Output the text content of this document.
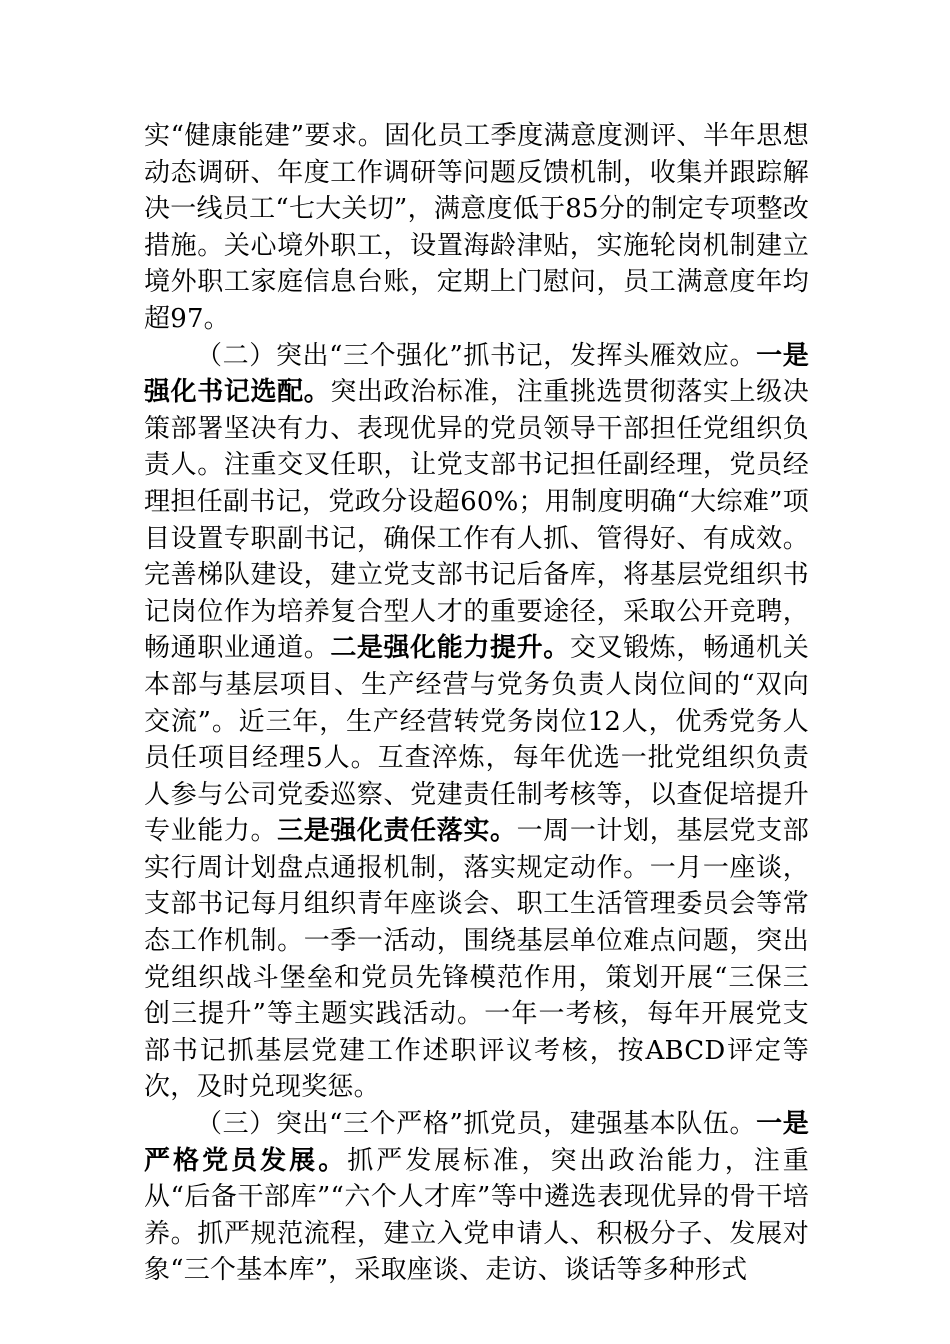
实“健康能建”要求。固化员工季度满意度测评、半年思想动态调研、年度工作调研等问题反馈机制，收集并跟踪解决一线员工“七大关切”，满意度低于85分的制定专项整改措施。关心境外职工，设置海龄津贴，实施轮岗机制建立境外职工家庭信息台账，定期上门慰问，员工满意度年均超97。

（二）突出“三个强化”抓书记，发挥头雁效应。一是强化书记选配。突出政治标准，注重挑选贯彻落实上级决策部署坚决有力、表现优异的党员领导干部担任党组织负责人。注重交叉任职，让党支部书记担任副经理，党员经理担任副书记，党政分设超60%；用制度明确“大综难”项目设置专职副书记，确保工作有人抓、管得好、有成效。完善梯队建设，建立党支部书记后备库，将基层党组织书记岗位作为培养复合型人才的重要途径，采取公开竞聘，畅通职业通道。二是强化能力提升。交叉锻炼，畅通机关本部与基层项目、生产经营与党务负责人岗位间的“双向交流”。近三年，生产经营转党务岗位12人，优秀党务人员任项目经理5人。互查淬炼，每年优选一批党组织负责人参与公司党委巡察、党建责任制考核等，以查促培提升专业能力。三是强化责任落实。一周一计划，基层党支部实行周计划盘点通报机制，落实规定动作。一月一座谈，支部书记每月组织青年座谈会、职工生活管理委员会等常态工作机制。一季一活动，围绕基层单位难点问题，突出党组织战斗堡垒和党员先锋模范作用，策划开展“三保三创三提升”等主题实践活动。一年一考核，每年开展党支部书记抓基层党建工作述职评议考核，按ABCD评定等次，及时兑现奖惩。

（三）突出“三个严格”抓党员，建强基本队伍。一是严格党员发展。抓严发展标准，突出政治能力，注重从“后备干部库”“六个人才库”等中遴选表现优异的骨干培养。抓严规范流程，建立入党申请人、积极分子、发展对象“三个基本库”，采取座谈、走访、谈话等多种形式
